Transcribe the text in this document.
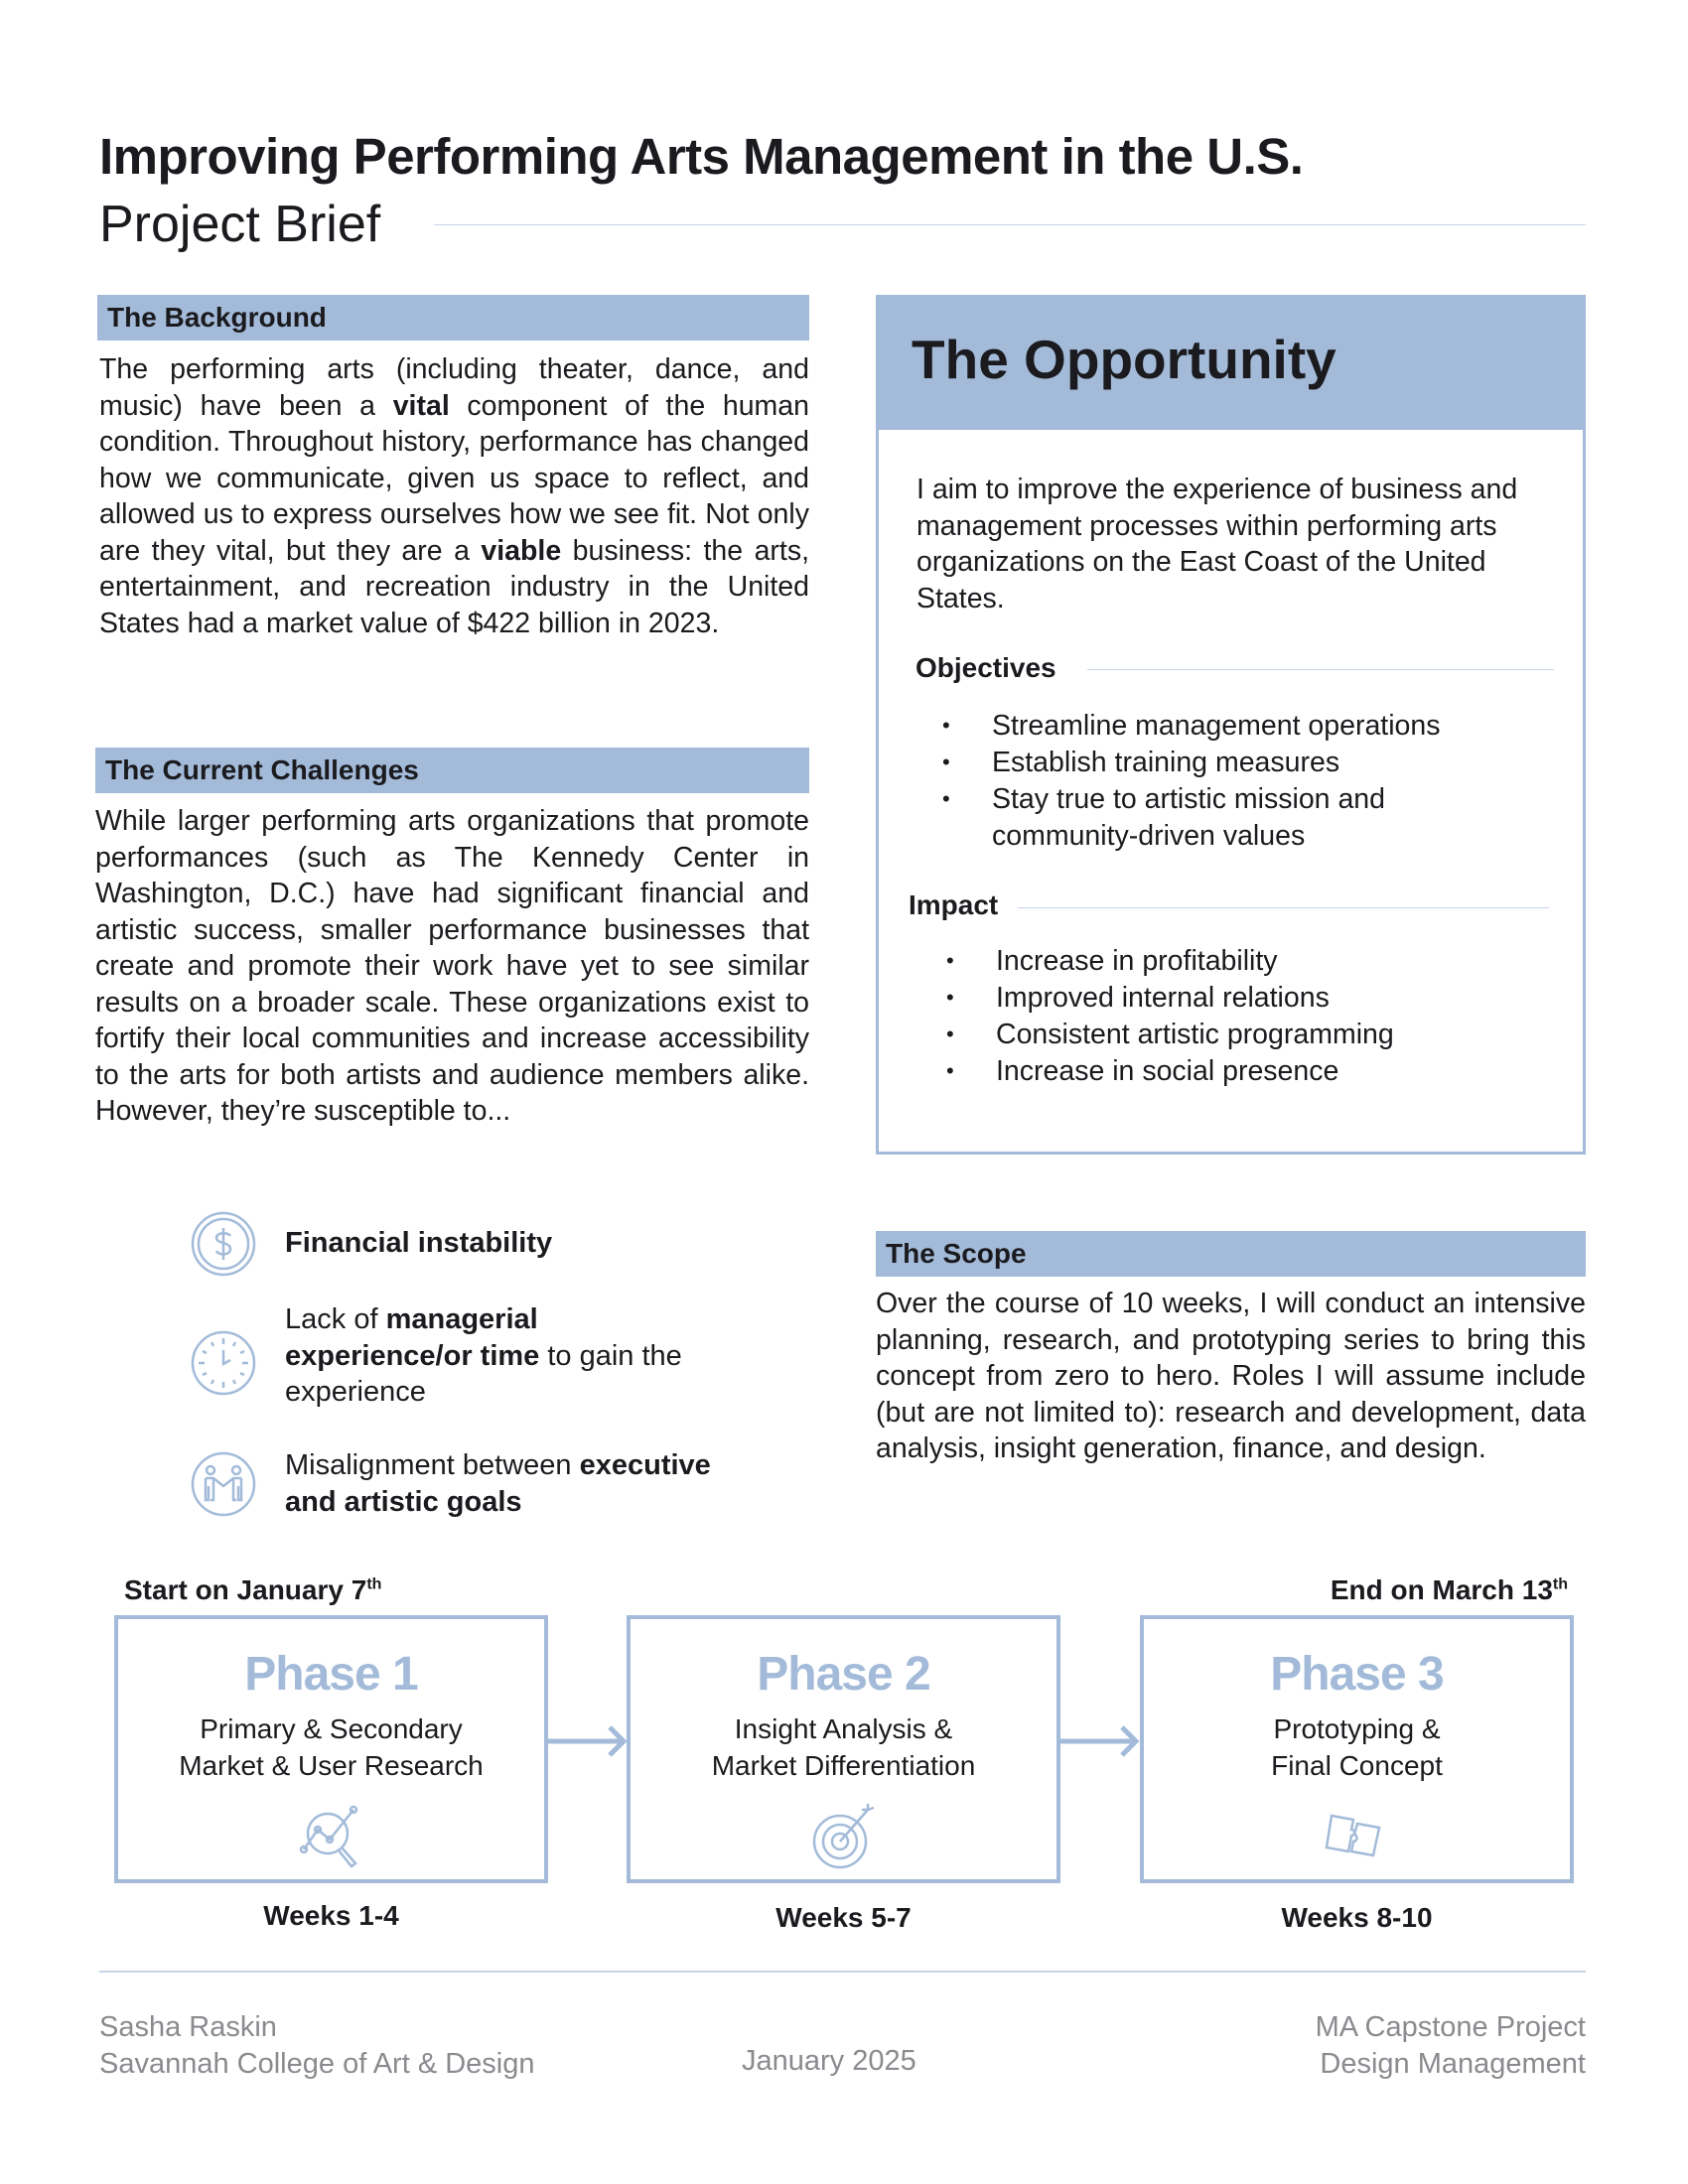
Improving Performing Arts Management in the U.S.
Project Brief
The Background
The performing arts (including theater, dance, and music) have been a vital component of the human condition. Throughout history, performance has changed how we communicate, given us space to reflect, and allowed us to express ourselves how we see fit. Not only are they vital, but they are a viable business: the arts, entertainment, and recreation industry in the United States had a market value of $422 billion in 2023.
The Current Challenges
While larger performing arts organizations that promote performances (such as The Kennedy Center in Washington, D.C.) have had significant financial and artistic success, smaller performance businesses that create and promote their work have yet to see similar results on a broader scale. These organizations exist to fortify their local communities and increase accessibility to the arts for both artists and audience members alike. However, they’re susceptible to...
Financial instability
Lack of managerial experience/or time to gain the experience
Misalignment between executive and artistic goals
The Opportunity
I aim to improve the experience of business and management processes within performing arts organizations on the East Coast of the United States.
Objectives
• Streamline management operations
• Establish training measures
• Stay true to artistic mission and community-driven values
Impact
• Increase in profitability
• Improved internal relations
• Consistent artistic programming
• Increase in social presence
The Scope
Over the course of 10 weeks, I will conduct an intensive planning, research, and prototyping series to bring this concept from zero to hero. Roles I will assume include (but are not limited to): research and development, data analysis, insight generation, finance, and design.
Start on January 7th	End on March 13th
Phase 1
Primary & Secondary
Market & User Research
Weeks 1-4
Phase 2
Insight Analysis &
Market Differentiation
Weeks 5-7
Phase 3
Prototyping &
Final Concept
Weeks 8-10
Sasha Raskin
Savannah College of Art & Design	January 2025
MA Capstone Project
Design Management
